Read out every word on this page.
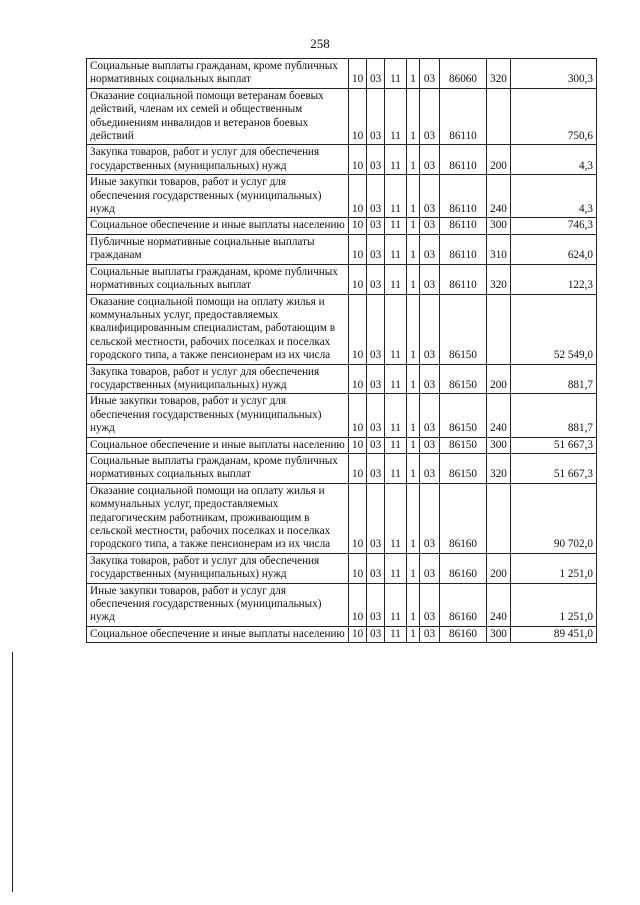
258
Социальные выплаты гражданам, кроме публичных нормативных социальных выплат	10	03	11	1	03	86060	320	300,3
Оказание социальной помощи ветеранам боевых действий, членам их семей и общественным объединениям инвалидов и ветеранов боевых действий	10	03	11	1	03	86110		750,6
Закупка товаров, работ и услуг для обеспечения государственных (муниципальных) нужд	10	03	11	1	03	86110	200	4,3
Иные закупки товаров, работ и услуг для обеспечения государственных (муниципальных) нужд	10	03	11	1	03	86110	240	4,3
Социальное обеспечение и иные выплаты населению	10	03	11	1	03	86110	300	746,3
Публичные нормативные социальные выплаты гражданам	10	03	11	1	03	86110	310	624,0
Социальные выплаты гражданам, кроме публичных нормативных социальных выплат	10	03	11	1	03	86110	320	122,3
Оказание социальной помощи на оплату жилья и коммунальных услуг, предоставляемых квалифицированным специалистам, работающим в сельской местности, рабочих поселках и поселках городского типа, а также пенсионерам из их числа	10	03	11	1	03	86150		52 549,0
Закупка товаров, работ и услуг для обеспечения государственных (муниципальных) нужд	10	03	11	1	03	86150	200	881,7
Иные закупки товаров, работ и услуг для обеспечения государственных (муниципальных) нужд	10	03	11	1	03	86150	240	881,7
Социальное обеспечение и иные выплаты населению	10	03	11	1	03	86150	300	51 667,3
Социальные выплаты гражданам, кроме публичных нормативных социальных выплат	10	03	11	1	03	86150	320	51 667,3
Оказание социальной помощи на оплату жилья и коммунальных услуг, предоставляемых педагогическим работникам, проживающим в сельской местности, рабочих поселках и поселках городского типа, а также пенсионерам из их числа	10	03	11	1	03	86160		90 702,0
Закупка товаров, работ и услуг для обеспечения государственных (муниципальных) нужд	10	03	11	1	03	86160	200	1 251,0
Иные закупки товаров, работ и услуг для обеспечения государственных (муниципальных) нужд	10	03	11	1	03	86160	240	1 251,0
Социальное обеспечение и иные выплаты населению	10	03	11	1	03	86160	300	89 451,0
